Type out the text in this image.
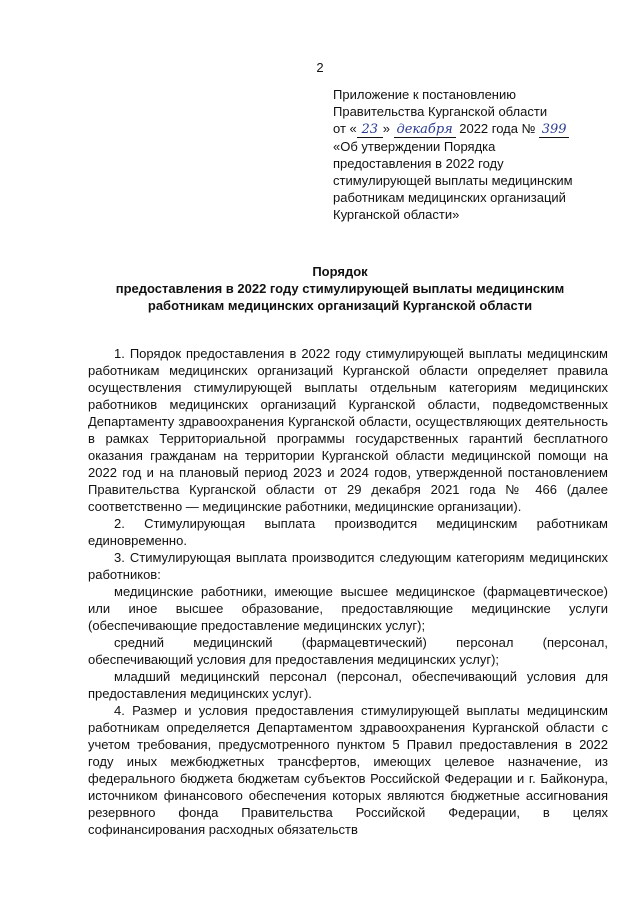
2
Приложение к постановлению
Правительства Курганской области
от « 23 » декабря 2022 года № 399
«Об утверждении Порядка
предоставления в 2022 году
стимулирующей выплаты медицинским
работникам медицинских организаций
Курганской области»
Порядок
предоставления в 2022 году стимулирующей выплаты медицинским
работникам медицинских организаций Курганской области

1. Порядок предоставления в 2022 году стимулирующей выплаты медицинским работникам медицинских организаций Курганской области определяет правила осуществления стимулирующей выплаты отдельным категориям медицинских работников медицинских организаций Курганской области, подведомственных Департаменту здравоохранения Курганской области, осуществляющих деятельность в рамках Территориальной программы государственных гарантий бесплатного оказания гражданам на территории Курганской области медицинской помощи на 2022 год и на плановый период 2023 и 2024 годов, утвержденной постановлением Правительства Курганской области от 29 декабря 2021 года № 466 (далее соответственно — медицинские работники, медицинские организации).

2. Стимулирующая выплата производится медицинским работникам единовременно.

3. Стимулирующая выплата производится следующим категориям медицинских работников:

медицинские работники, имеющие высшее медицинское (фармацевтическое) или иное высшее образование, предоставляющие медицинские услуги (обеспечивающие предоставление медицинских услуг);

средний медицинский (фармацевтический) персонал (персонал, обеспечивающий условия для предоставления медицинских услуг);

младший медицинский персонал (персонал, обеспечивающий условия для предоставления медицинских услуг).

4. Размер и условия предоставления стимулирующей выплаты медицинским работникам определяется Департаментом здравоохранения Курганской области с учетом требования, предусмотренного пунктом 5 Правил предоставления в 2022 году иных межбюджетных трансфертов, имеющих целевое назначение, из федерального бюджета бюджетам субъектов Российской Федерации и г. Байконура, источником финансового обеспечения которых являются бюджетные ассигнования резервного фонда Правительства Российской Федерации, в целях софинансирования расходных обязательств
